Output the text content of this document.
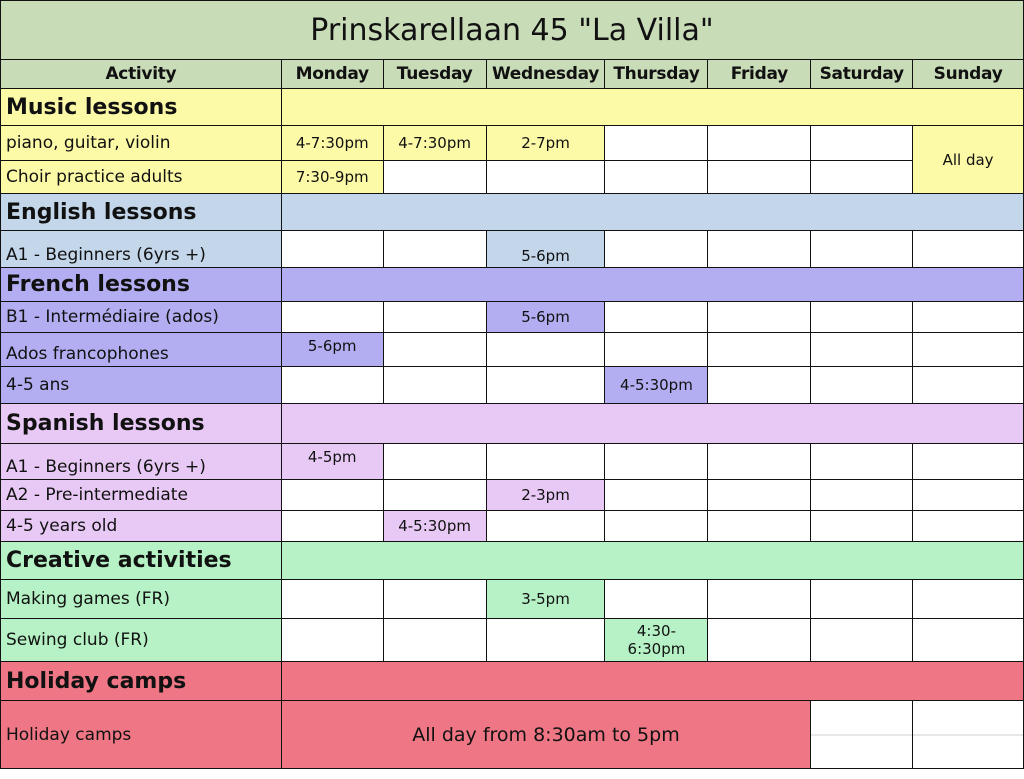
Prinskarellaan 45 "La Villa"							
Activity	Monday	Tuesday	Wednesday	Thursday	Friday	Saturday	Sunday
Music lessons							
piano, guitar, violin	4-7:30pm	4-7:30pm	2-7pm				All day
Choir practice adults	7:30-9pm						
English lessons							
A1 - Beginners (6yrs +)			5-6pm				
French lessons							
B1 - Intermédiaire (ados)			5-6pm				
Ados francophones	5-6pm						
4-5 ans				4-5:30pm			
Spanish lessons							
A1 - Beginners (6yrs +)	4-5pm						
A2 - Pre-intermediate			2-3pm				
4-5 years old		4-5:30pm					
Creative activities							
Making games (FR)			3-5pm				
Sewing club (FR)				4:30-
6:30pm			

Holiday camps							
Holiday camps	All day from 8:30am to 5pm						
